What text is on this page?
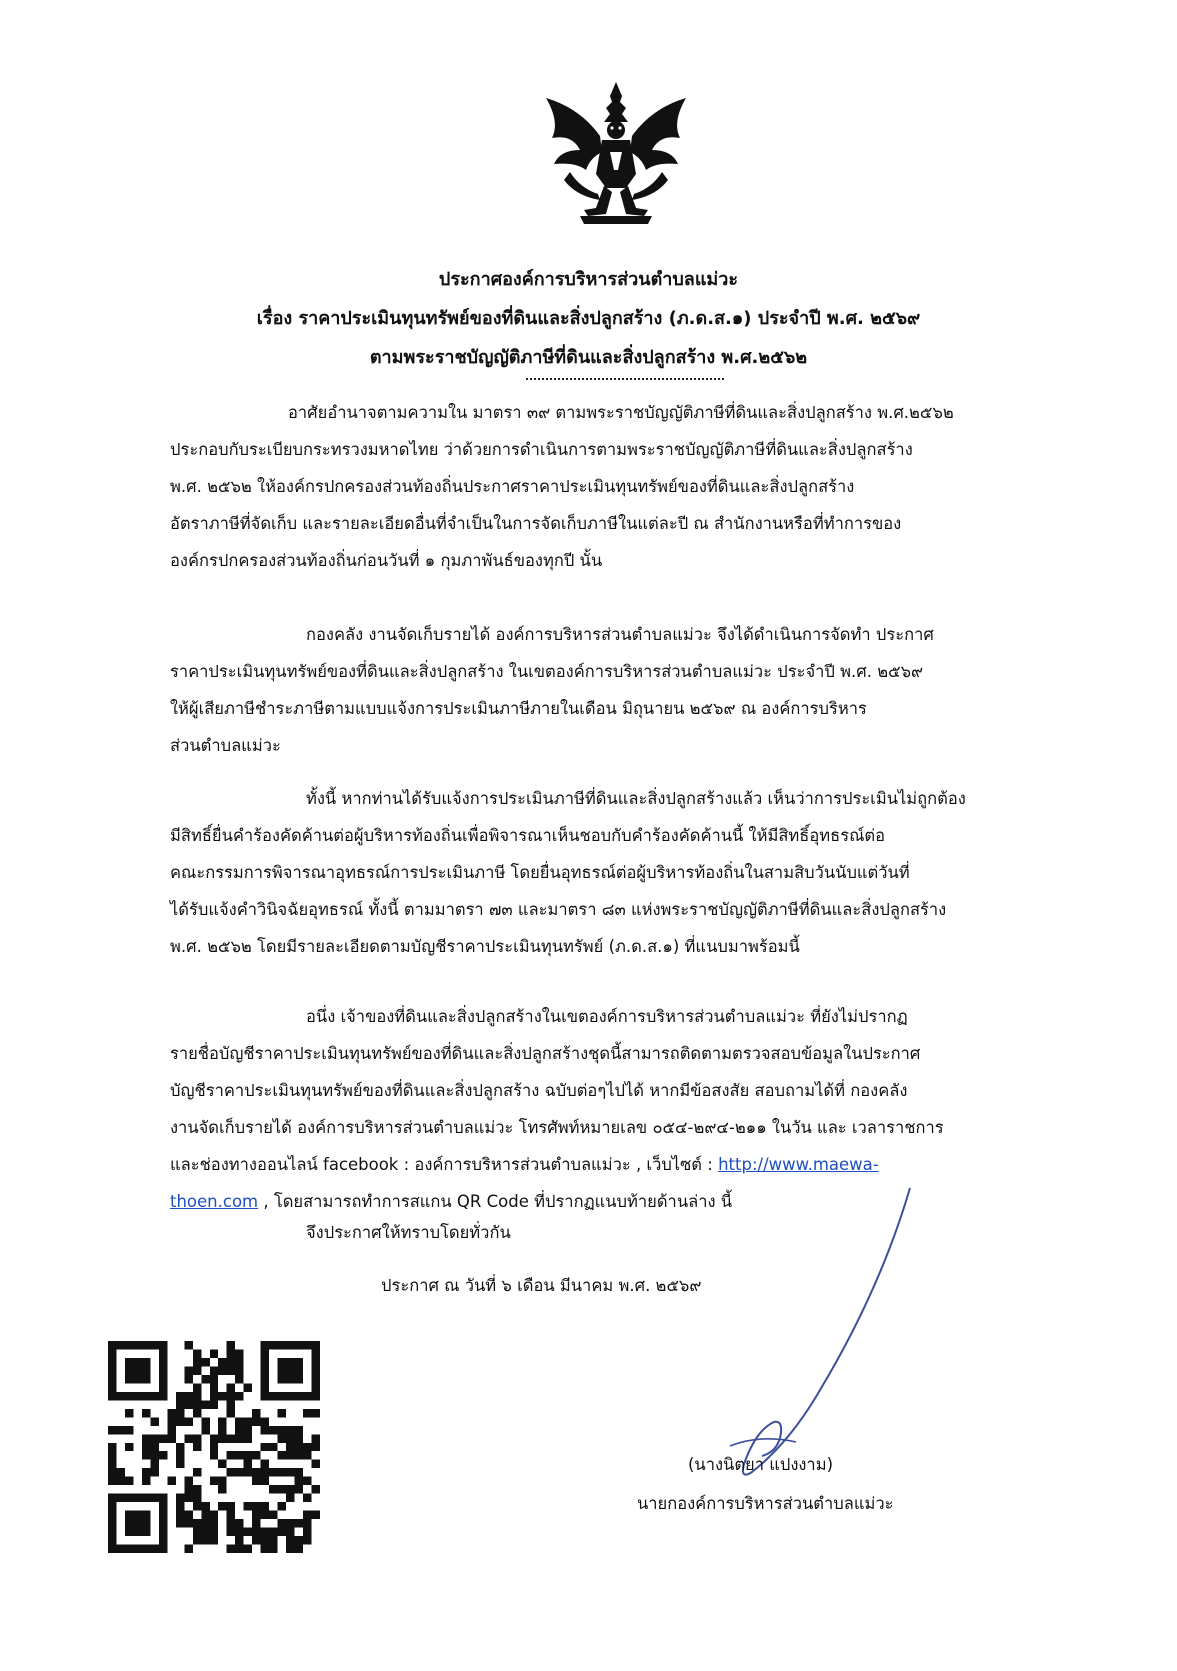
ประกาศองค์การบริหารส่วนตำบลแม่วะ
เรื่อง ราคาประเมินทุนทรัพย์ของที่ดินและสิ่งปลูกสร้าง (ภ.ด.ส.๑) ประจำปี พ.ศ. ๒๕๖๙
ตามพระราชบัญญัติภาษีที่ดินและสิ่งปลูกสร้าง พ.ศ.๒๕๖๒
อาศัยอำนาจตามความใน มาตรา ๓๙ ตามพระราชบัญญัติภาษีที่ดินและสิ่งปลูกสร้าง พ.ศ.๒๕๖๒
ประกอบกับระเบียบกระทรวงมหาดไทย ว่าด้วยการดำเนินการตามพระราชบัญญัติภาษีที่ดินและสิ่งปลูกสร้าง
พ.ศ. ๒๕๖๒ ให้องค์กรปกครองส่วนท้องถิ่นประกาศราคาประเมินทุนทรัพย์ของที่ดินและสิ่งปลูกสร้าง
อัตราภาษีที่จัดเก็บ และรายละเอียดอื่นที่จำเป็นในการจัดเก็บภาษีในแต่ละปี ณ สำนักงานหรือที่ทำการของ
องค์กรปกครองส่วนท้องถิ่นก่อนวันที่ ๑ กุมภาพันธ์ของทุกปี นั้น
กองคลัง งานจัดเก็บรายได้ องค์การบริหารส่วนตำบลแม่วะ จึงได้ดำเนินการจัดทำ ประกาศ
ราคาประเมินทุนทรัพย์ของที่ดินและสิ่งปลูกสร้าง ในเขตองค์การบริหารส่วนตำบลแม่วะ ประจำปี พ.ศ. ๒๕๖๙
ให้ผู้เสียภาษีชำระภาษีตามแบบแจ้งการประเมินภาษีภายในเดือน มิถุนายน ๒๕๖๙ ณ องค์การบริหาร
ส่วนตำบลแม่วะ
ทั้งนี้ หากท่านได้รับแจ้งการประเมินภาษีที่ดินและสิ่งปลูกสร้างแล้ว เห็นว่าการประเมินไม่ถูกต้อง
มีสิทธิ์ยื่นคำร้องคัดค้านต่อผู้บริหารท้องถิ่นเพื่อพิจารณาเห็นชอบกับคำร้องคัดค้านนี้ ให้มีสิทธิ์อุทธรณ์ต่อ
คณะกรรมการพิจารณาอุทธรณ์การประเมินภาษี โดยยื่นอุทธรณ์ต่อผู้บริหารท้องถิ่นในสามสิบวันนับแต่วันที่
ได้รับแจ้งคำวินิจฉัยอุทธรณ์ ทั้งนี้ ตามมาตรา ๗๓ และมาตรา ๘๓ แห่งพระราชบัญญัติภาษีที่ดินและสิ่งปลูกสร้าง
พ.ศ. ๒๕๖๒ โดยมีรายละเอียดตามบัญชีราคาประเมินทุนทรัพย์ (ภ.ด.ส.๑) ที่แนบมาพร้อมนี้
อนึ่ง เจ้าของที่ดินและสิ่งปลูกสร้างในเขตองค์การบริหารส่วนตำบลแม่วะ ที่ยังไม่ปรากฏ
รายชื่อบัญชีราคาประเมินทุนทรัพย์ของที่ดินและสิ่งปลูกสร้างชุดนี้สามารถติดตามตรวจสอบข้อมูลในประกาศ
บัญชีราคาประเมินทุนทรัพย์ของที่ดินและสิ่งปลูกสร้าง ฉบับต่อๆไปได้ หากมีข้อสงสัย สอบถามได้ที่ กองคลัง
งานจัดเก็บรายได้ องค์การบริหารส่วนตำบลแม่วะ โทรศัพท์หมายเลข ๐๕๔-๒๙๔-๒๑๑ ในวัน และ เวลาราชการ
และช่องทางออนไลน์ facebook : องค์การบริหารส่วนตำบลแม่วะ , เว็บไซต์ : http://www.maewa-
thoen.com , โดยสามารถทำการสแกน QR Code ที่ปรากฏแนบท้ายด้านล่าง นี้
จึงประกาศให้ทราบโดยทั่วกัน
ประกาศ ณ วันที่ ๖ เดือน มีนาคม พ.ศ. ๒๕๖๙
(นางนิตยา แปงงาม)
นายกองค์การบริหารส่วนตำบลแม่วะ
